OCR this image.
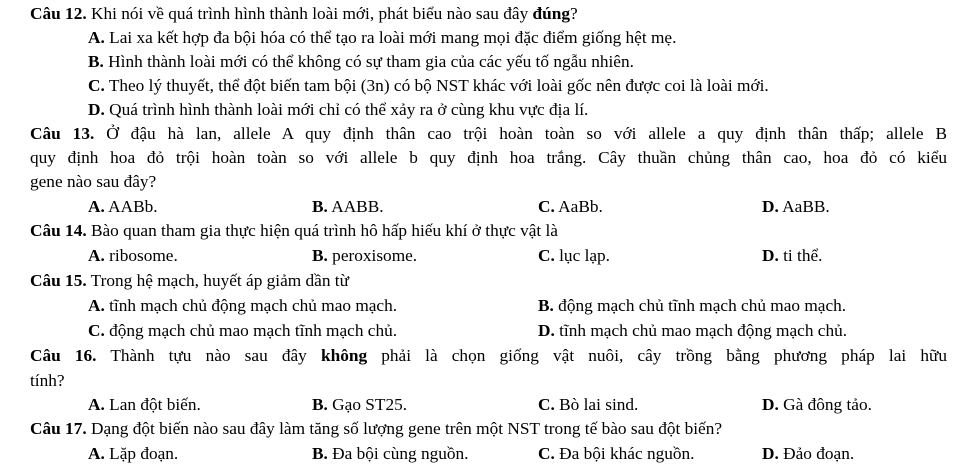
Câu 12. Khi nói về quá trình hình thành loài mới, phát biểu nào sau đây đúng?
A. Lai xa kết hợp đa bội hóa có thể tạo ra loài mới mang mọi đặc điểm giống hệt mẹ.
B. Hình thành loài mới có thể không có sự tham gia của các yếu tố ngẫu nhiên.
C. Theo lý thuyết, thể đột biến tam bội (3n) có bộ NST khác với loài gốc nên được coi là loài mới.
D. Quá trình hình thành loài mới chỉ có thể xảy ra ở cùng khu vực địa lí.
Câu 13. Ở đậu hà lan, allele A quy định thân cao trội hoàn toàn so với allele a quy định thân thấp; allele B
quy định hoa đỏ trội hoàn toàn so với allele b quy định hoa trắng. Cây thuần chủng thân cao, hoa đỏ có kiểu
gene nào sau đây?
A. AABb.	B. AABB.	C. AaBb.	D. AaBB.
Câu 14. Bào quan tham gia thực hiện quá trình hô hấp hiếu khí ở thực vật là
A. ribosome.	B. peroxisome.	C. lục lạp.	D. ti thể.
Câu 15. Trong hệ mạch, huyết áp giảm dần từ
A. tĩnh mạch chủ động mạch chủ mao mạch.	B. động mạch chủ tĩnh mạch chủ mao mạch.
C. động mạch chủ mao mạch tĩnh mạch chủ.	D. tĩnh mạch chủ mao mạch động mạch chủ.
Câu 16. Thành tựu nào sau đây không phải là chọn giống vật nuôi, cây trồng bằng phương pháp lai hữu
tính?
A. Lan đột biến.	B. Gạo ST25.	C. Bò lai sind.	D. Gà đông tảo.
Câu 17. Dạng đột biến nào sau đây làm tăng số lượng gene trên một NST trong tế bào sau đột biến?
A. Lặp đoạn.	B. Đa bội cùng nguồn.	C. Đa bội khác nguồn.	D. Đảo đoạn.
